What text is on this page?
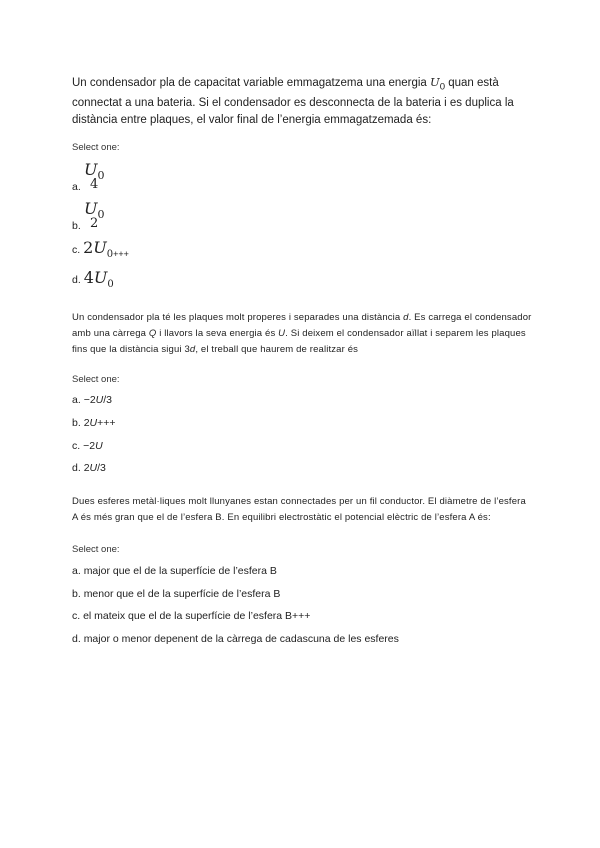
Un condensador pla de capacitat variable emmagatzema una energia $U_0$ quan està connectat a una bateria. Si el condensador es desconnecta de la bateria i es duplica la distància entre plaques, el valor final de l’energia emmagatzemada és:
Select one:
$U_0$
4
a.
$U_0$
2
b.
c. $2U_{0+++}$
d. $4U_0$
Un condensador pla té les plaques molt properes i separades una distància d. Es carrega el condensador amb una càrrega Q i llavors la seva energia és U. Si deixem el condensador aïllat i separem les plaques fins que la distància sigui 3d, el treball que haurem de realitzar és
Select one:
a. −2U/3
b. 2U+++
c. −2U
d. 2U/3
Dues esferes metàl·liques molt llunyanes estan connectades per un fil conductor. El diàmetre de l’esfera A és més gran que el de l’esfera B. En equilibri electrostàtic el potencial elèctric de l’esfera A és:
Select one:
a. major que el de la superfície de l’esfera B
b. menor que el de la superfície de l’esfera B
c. el mateix que el de la superfície de l’esfera B+++
d. major o menor depenent de la càrrega de cadascuna de les esferes
